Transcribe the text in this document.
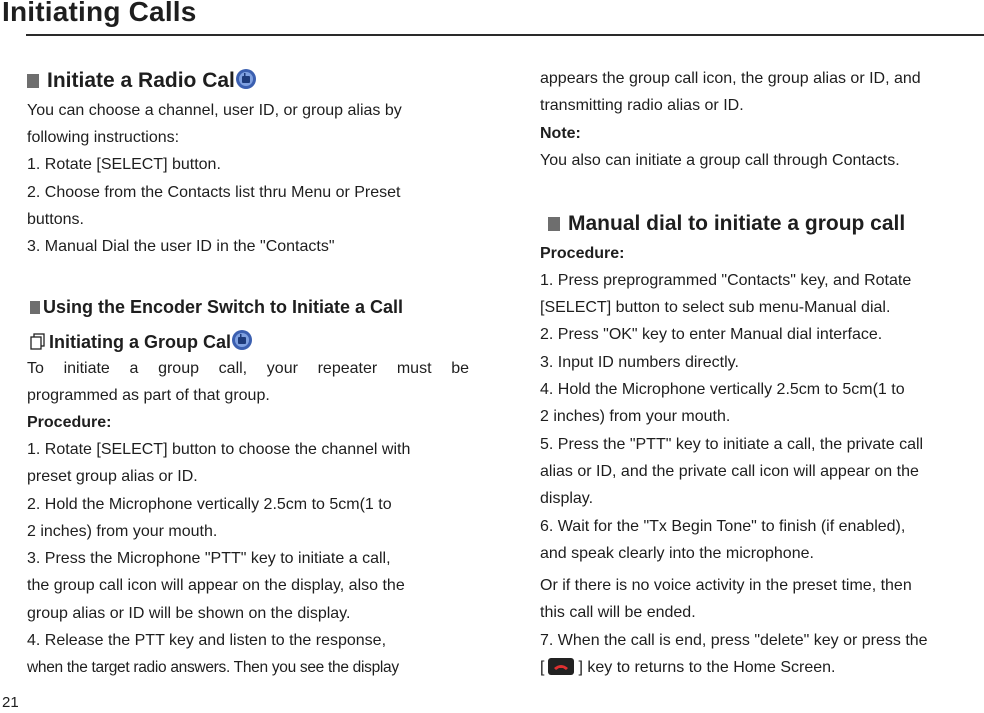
Initiating Calls
Initiate a Radio Cal
You can choose a channel, user ID, or group alias by
following instructions:
1. Rotate [SELECT] button.
2. Choose from the Contacts list thru Menu or Preset
buttons.
3. Manual Dial the user ID in the "Contacts"
Using the Encoder Switch to Initiate a Call
Initiating a Group Cal
To initiate a group call, your repeater must be
programmed as part of that group.
Procedure:
1. Rotate [SELECT] button to choose the channel with
preset group alias or ID.
2. Hold the Microphone vertically 2.5cm to 5cm(1 to
2 inches) from your mouth.
3. Press the Microphone "PTT" key to initiate a call,
the group call icon will appear on the display, also the
group alias or ID will be shown on the display.
4. Release the PTT key and listen to the response,
when the target radio answers. Then you see the display
appears the group call icon, the group alias or ID, and
transmitting radio alias or ID.
Note:
You also can initiate a group call through Contacts.
Manual dial to initiate a group call
Procedure:
1. Press preprogrammed "Contacts" key, and Rotate
[SELECT] button to select sub menu-Manual dial.
2. Press "OK" key to enter Manual dial interface.
3. Input ID numbers directly.
4. Hold the Microphone vertically 2.5cm to 5cm(1 to
2 inches) from your mouth.
5. Press the "PTT" key to initiate a call, the private call
alias or ID, and the private call icon will appear on the
display.
6. Wait for the "Tx Begin Tone" to finish (if enabled),
and speak clearly into the microphone.
Or if there is no voice activity in the preset time, then
this call will be ended.
7. When the call is end, press "delete" key or press the
[ ] key to returns to the Home Screen.
21
